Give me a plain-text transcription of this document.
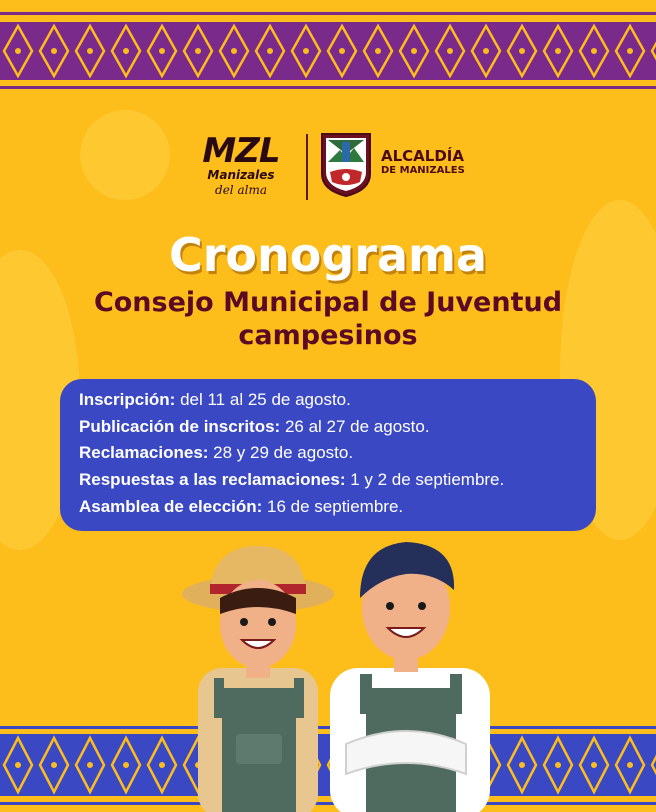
MZL
Manizales
del alma
ALCALDÍA
DE MANIZALES
Cronograma
Consejo Municipal de Juventud
campesinos
Inscripción: del 11 al 25 de agosto.
Publicación de inscritos: 26 al 27 de agosto.
Reclamaciones: 28 y 29 de agosto.
Respuestas a las reclamaciones: 1 y 2 de septiembre.
Asamblea de elección: 16 de septiembre.
